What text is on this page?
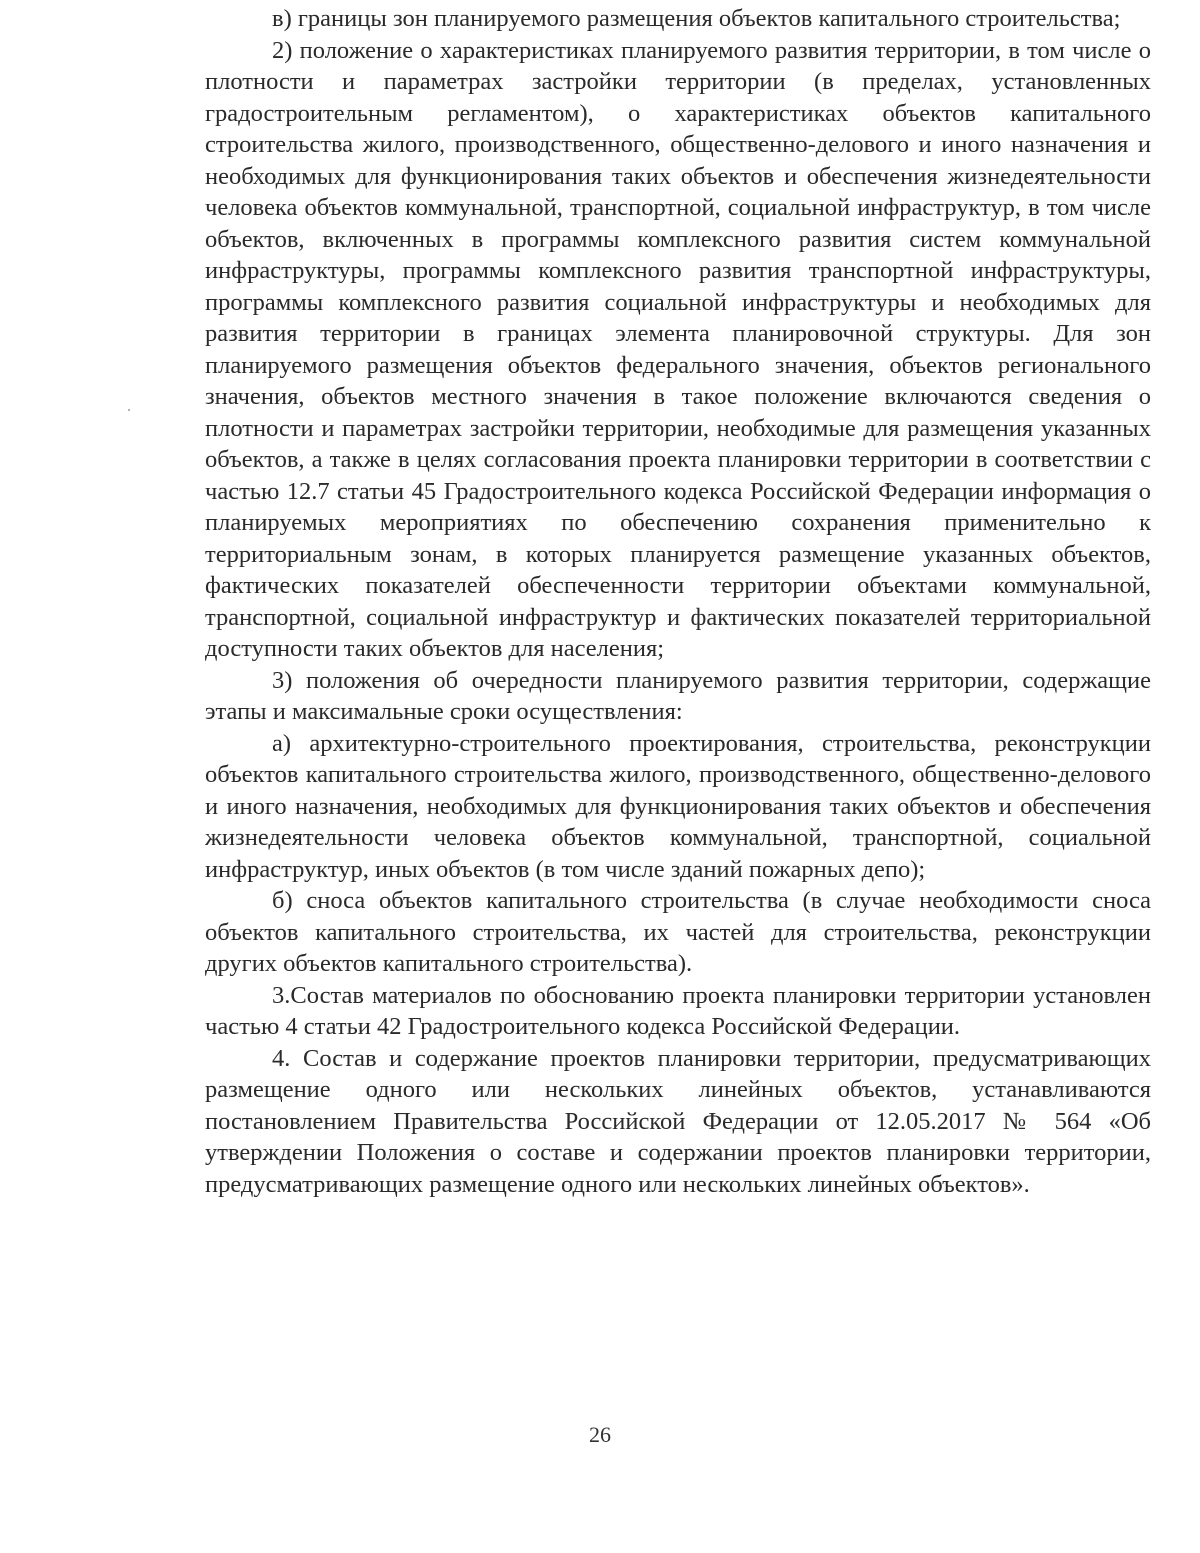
в) границы зон планируемого размещения объектов капитального строительства;

2) положение о характеристиках планируемого развития территории, в том числе о плотности и параметрах застройки территории (в пределах, установленных градостроительным регламентом), о характеристиках объектов капитального строительства жилого, производственного, общественно-делового и иного назначения и необходимых для функционирования таких объектов и обеспечения жизнедеятельности человека объектов коммунальной, транспортной, социальной инфраструктур, в том числе объектов, включенных в программы комплексного развития систем коммунальной инфраструктуры, программы комплексного развития транспортной инфраструктуры, программы комплексного развития социальной инфраструктуры и необходимых для развития территории в границах элемента планировочной структуры. Для зон планируемого размещения объектов федерального значения, объектов регионального значения, объектов местного значения в такое положение включаются сведения о плотности и параметрах застройки территории, необходимые для размещения указанных объектов, а также в целях согласования проекта планировки территории в соответствии с частью 12.7 статьи 45 Градостроительного кодекса Российской Федерации информация о планируемых мероприятиях по обеспечению сохранения применительно к территориальным зонам, в которых планируется размещение указанных объектов, фактических показателей обеспеченности территории объектами коммунальной, транспортной, социальной инфраструктур и фактических показателей территориальной доступности таких объектов для населения;

3) положения об очередности планируемого развития территории, содержащие этапы и максимальные сроки осуществления:

а) архитектурно-строительного проектирования, строительства, реконструкции объектов капитального строительства жилого, производственного, общественно-делового и иного назначения, необходимых для функционирования таких объектов и обеспечения жизнедеятельности человека объектов коммунальной, транспортной, социальной инфраструктур, иных объектов (в том числе зданий пожарных депо);

б) сноса объектов капитального строительства (в случае необходимости сноса объектов капитального строительства, их частей для строительства, реконструкции других объектов капитального строительства).

3.Состав материалов по обоснованию проекта планировки территории установлен частью 4 статьи 42 Градостроительного кодекса Российской Федерации.

4. Состав и содержание проектов планировки территории, предусматривающих размещение одного или нескольких линейных объектов, устанавливаются постановлением Правительства Российской Федерации от 12.05.2017 № 564 «Об утверждении Положения о составе и содержании проектов планировки территории, предусматривающих размещение одного или нескольких линейных объектов».

26
